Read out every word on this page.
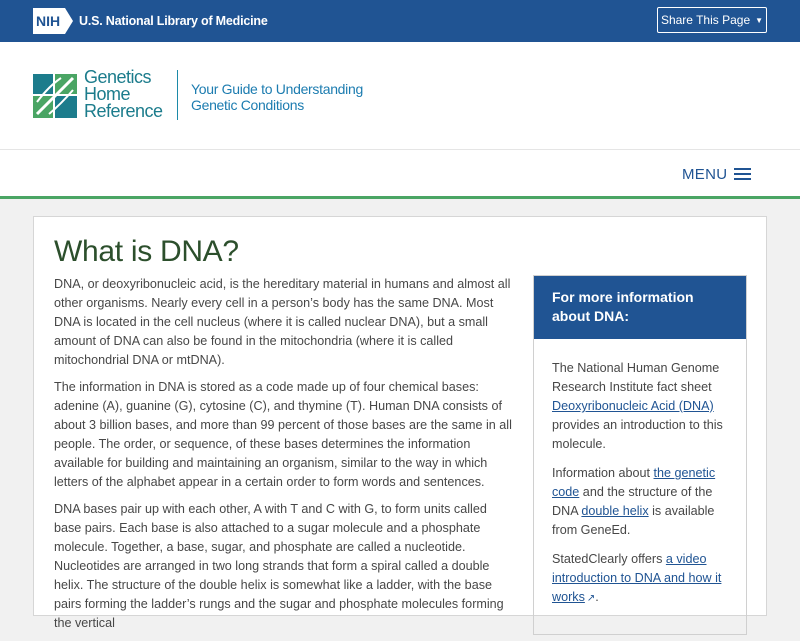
NIH U.S. National Library of Medicine	Share This Page ▼
Genetics
Home
Reference
Your Guide to Understanding
Genetic Conditions
MENU
What is DNA?

DNA, or deoxyribonucleic acid, is the hereditary material in humans and almost all other organisms. Nearly every cell in a person’s body has the same DNA. Most DNA is located in the cell nucleus (where it is called nuclear DNA), but a small amount of DNA can also be found in the mitochondria (where it is called mitochondrial DNA or mtDNA).

The information in DNA is stored as a code made up of four chemical bases: adenine (A), guanine (G), cytosine (C), and thymine (T). Human DNA consists of about 3 billion bases, and more than 99 percent of those bases are the same in all people. The order, or sequence, of these bases determines the information available for building and maintaining an organism, similar to the way in which letters of the alphabet appear in a certain order to form words and sentences.

DNA bases pair up with each other, A with T and C with G, to form units called base pairs. Each base is also attached to a sugar molecule and a phosphate molecule. Together, a base, sugar, and phosphate are called a nucleotide. Nucleotides are arranged in two long strands that form a spiral called a double helix. The structure of the double helix is somewhat like a ladder, with the base pairs forming the ladder’s rungs and the sugar and phosphate molecules forming the vertical

For more information about DNA:

The National Human Genome Research Institute fact sheet Deoxyribonucleic Acid (DNA) provides an introduction to this molecule.

Information about the genetic code and the structure of the DNA double helix is available from GeneEd.

StatedClearly offers a video introduction to DNA and how it works ↗.
